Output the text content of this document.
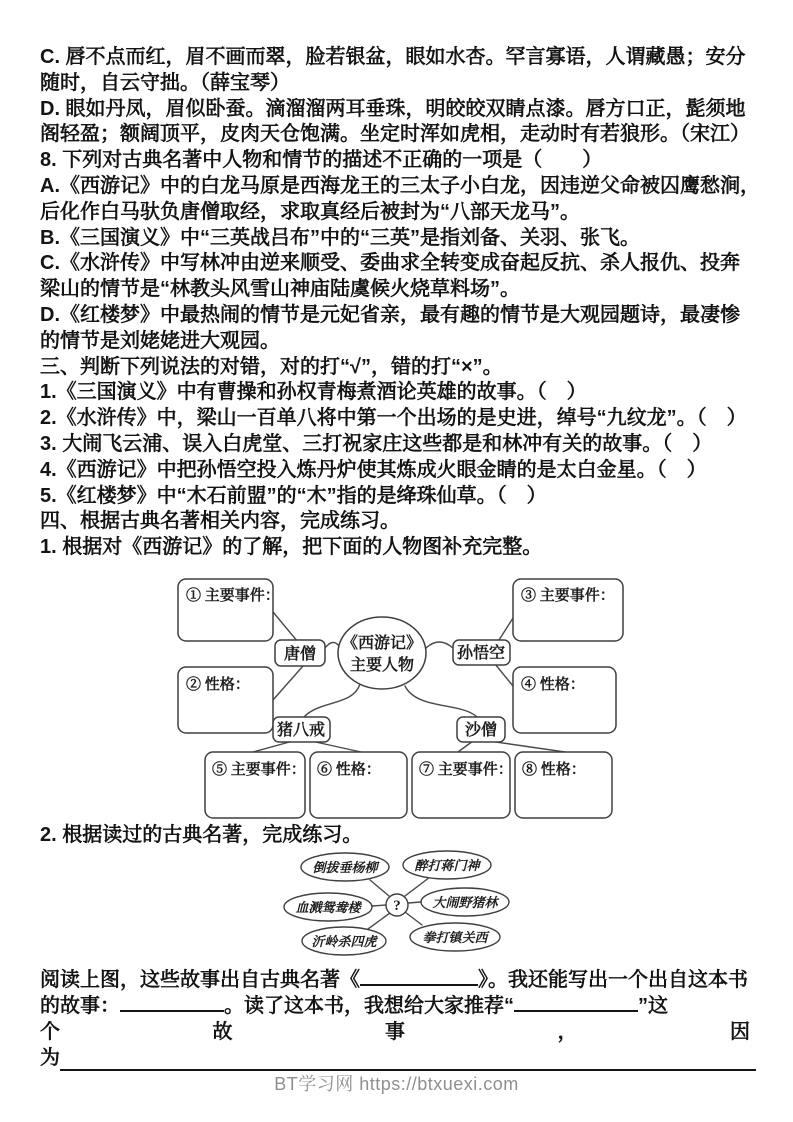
C. 唇不点而红，眉不画而翠，脸若银盆，眼如水杏。罕言寡语，人谓藏愚；安分
随时，自云守拙。（薛宝琴）
D. 眼如丹凤，眉似卧蚕。滴溜溜两耳垂珠，明皎皎双睛点漆。唇方口正，髭须地
阁轻盈；额阔顶平，皮肉天仓饱满。坐定时浑如虎相，走动时有若狼形。（宋江）
8. 下列对古典名著中人物和情节的描述不正确的一项是（　　）
A.《西游记》中的白龙马原是西海龙王的三太子小白龙，因违逆父命被囚鹰愁涧，
后化作白马驮负唐僧取经，求取真经后被封为“八部天龙马”。
B.《三国演义》中“三英战吕布”中的“三英”是指刘备、关羽、张飞。
C.《水浒传》中写林冲由逆来顺受、委曲求全转变成奋起反抗、杀人报仇、投奔
梁山的情节是“林教头风雪山神庙陆虞候火烧草料场”。
D.《红楼梦》中最热闹的情节是元妃省亲，最有趣的情节是大观园题诗，最凄惨
的情节是刘姥姥进大观园。
三、判断下列说法的对错，对的打“√”，错的打“×”。
1.《三国演义》中有曹操和孙权青梅煮酒论英雄的故事。（　）
2.《水浒传》中，梁山一百单八将中第一个出场的是史进，绰号“九纹龙”。（　）
3. 大闹飞云浦、误入白虎堂、三打祝家庄这些都是和林冲有关的故事。（　）
4.《西游记》中把孙悟空投入炼丹炉使其炼成火眼金睛的是太白金星。（　）
5.《红楼梦》中“木石前盟”的“木”指的是绛珠仙草。（　）
四、根据古典名著相关内容，完成练习。
1. 根据对《西游记》的了解，把下面的人物图补充完整。
① 主要事件：
② 性格：
③ 主要事件：
④ 性格：
⑤ 主要事件： ⑥ 性格：	⑦ 主要事件： ⑧ 性格：
《西游记》
主要人物
唐僧	孙悟空
猪八戒	沙僧
2. 根据读过的古典名著，完成练习。
倒拔垂杨柳	醉打蒋门神
血溅鸳鸯楼	大闹野猪林
沂岭杀四虎	拳打镇关西
?
阅读上图，这些故事出自古典名著《	》。我还能写出一个出自这本书
的故事：	。读了这本书，我想给大家推荐“	”这
个	故	事	，	因
为
BT学习网 https://btxuexi.com
